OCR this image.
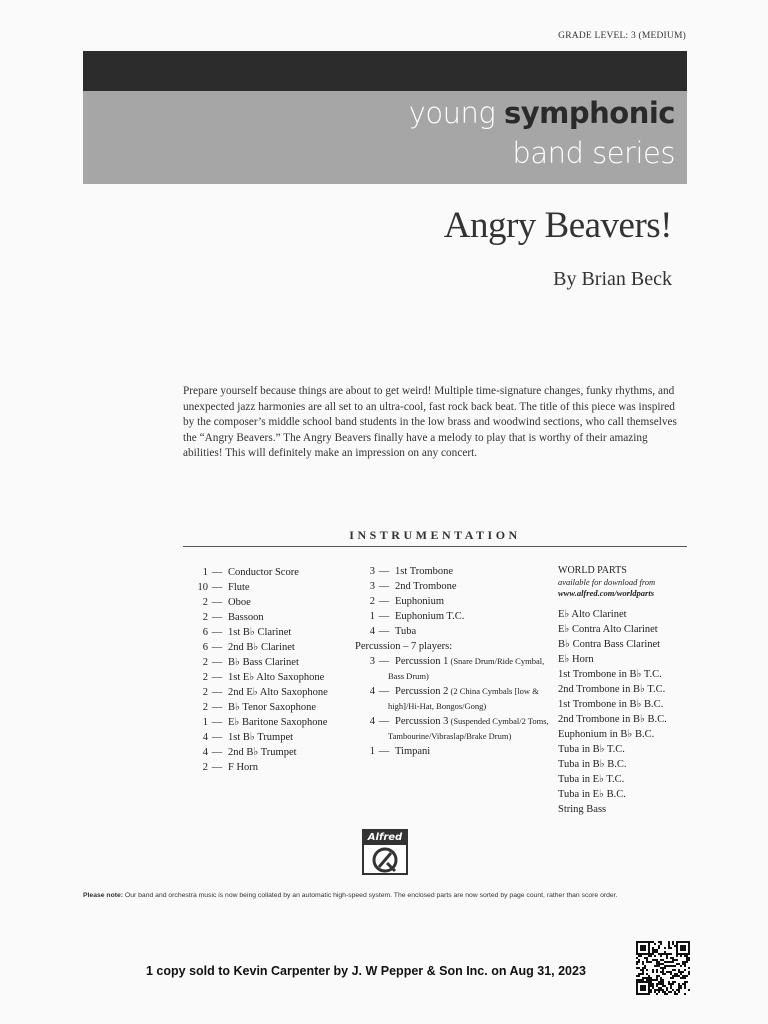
GRADE LEVEL: 3 (MEDIUM)
young symphonic
band series
Angry Beavers!
By Brian Beck
Prepare yourself because things are about to get weird! Multiple time-signature changes, funky rhythms, and unexpected jazz harmonies are all set to an ultra-cool, fast rock back beat. The title of this piece was inspired by the composer’s middle school band students in the low brass and woodwind sections, who call themselves the “Angry Beavers.” The Angry Beavers finally have a melody to play that is worthy of their amazing abilities! This will definitely make an impression on any concert.
INSTRUMENTATION
1 — Conductor Score
10 — Flute
2 — Oboe
2 — Bassoon
6 — 1st B♭ Clarinet
6 — 2nd B♭ Clarinet
2 — B♭ Bass Clarinet
2 — 1st E♭ Alto Saxophone
2 — 2nd E♭ Alto Saxophone
2 — B♭ Tenor Saxophone
1 — E♭ Baritone Saxophone
4 — 1st B♭ Trumpet
4 — 2nd B♭ Trumpet
2 — F Horn
3 — 1st Trombone
3 — 2nd Trombone
2 — Euphonium
1 — Euphonium T.C.
4 — Tuba
Percussion – 7 players:
3 — Percussion 1 (Snare Drum/Ride Cymbal,
Bass Drum)
4 — Percussion 2 (2 China Cymbals [low &
high]/Hi-Hat, Bongos/Gong)
4 — Percussion 3 (Suspended Cymbal/2 Toms,
Tambourine/Vibraslap/Brake Drum)
1 — Timpani
WORLD PARTS
available for download from
www.alfred.com/worldparts
E♭ Alto Clarinet
E♭ Contra Alto Clarinet
B♭ Contra Bass Clarinet
E♭ Horn
1st Trombone in B♭ T.C.
2nd Trombone in B♭ T.C.
1st Trombone in B♭ B.C.
2nd Trombone in B♭ B.C.
Euphonium in B♭ B.C.
Tuba in B♭ T.C.
Tuba in B♭ B.C.
Tuba in E♭ T.C.
Tuba in E♭ B.C.
String Bass
Alfred
Please note: Our band and orchestra music is now being collated by an automatic high-speed system. The enclosed parts are now sorted by page count, rather than score order.
1 copy sold to Kevin Carpenter by J. W Pepper & Son Inc. on Aug 31, 2023
